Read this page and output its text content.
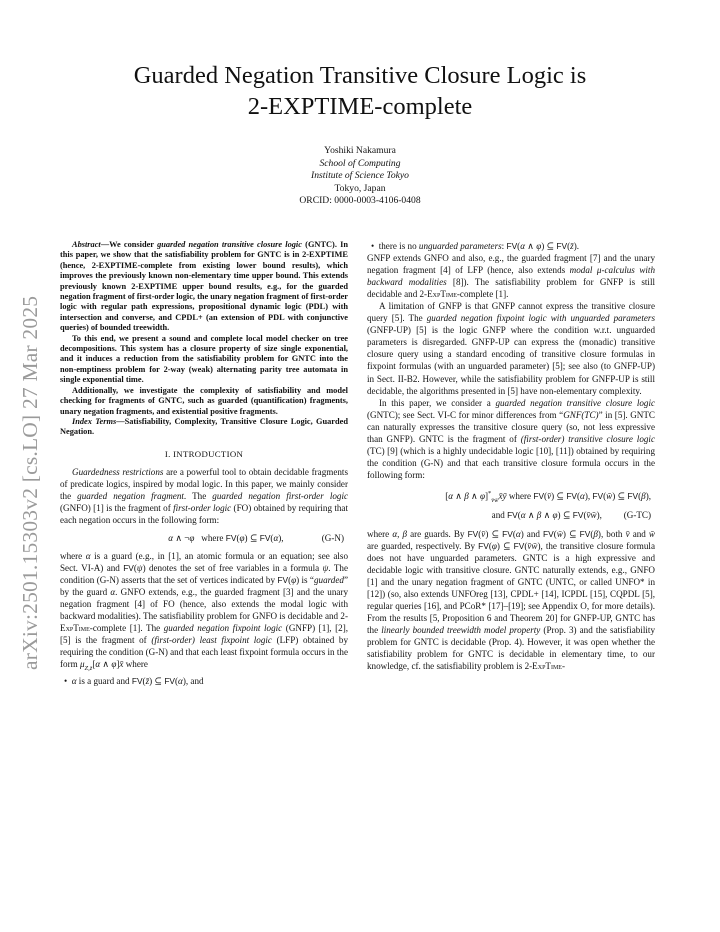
arXiv:2501.15303v2 [cs.LO] 27 Mar 2025
Guarded Negation Transitive Closure Logic is
2-EXPTIME-complete
Yoshiki Nakamura
School of Computing
Institute of Science Tokyo
Tokyo, Japan
ORCID: 0000-0003-4106-0408

Abstract—We consider guarded negation transitive closure logic (GNTC). In this paper, we show that the satisfiability problem for GNTC is in 2-EXPTIME (hence, 2-EXPTIME-complete from existing lower bound results), which improves the previously known non-elementary time upper bound. This extends previously known 2-EXPTIME upper bound results, e.g., for the guarded negation fragment of first-order logic, the unary negation fragment of first-order logic with regular path expressions, propositional dynamic logic (PDL) with intersection and converse, and CPDL+ (an extension of PDL with conjunctive queries) of bounded treewidth.

To this end, we present a sound and complete local model checker on tree decompositions. This system has a closure property of size single exponential, and it induces a reduction from the satisfiability problem for GNTC into the non-emptiness problem for 2-way (weak) alternating parity tree automata in single exponential time.

Additionally, we investigate the complexity of satisfiability and model checking for fragments of GNTC, such as guarded (quantification) fragments, unary negation fragments, and existential positive fragments.

Index Terms—Satisfiability, Complexity, Transitive Closure Logic, Guarded Negation.

I. INTRODUCTION

Guardedness restrictions are a powerful tool to obtain decidable fragments of predicate logics, inspired by modal logic. In this paper, we mainly consider the guarded negation fragment. The guarded negation first-order logic (GNFO) [1] is the fragment of first-order logic (FO) obtained by requiring that each negation occurs in the following form:

α ∧ ¬φ   where FV(φ) ⊆ FV(α),         (G-N)

where α is a guard (e.g., in [1], an atomic formula or an equation; see also Sect. VI-A) and FV(ψ) denotes the set of free variables in a formula ψ. The condition (G-N) asserts that the set of vertices indicated by FV(φ) is “guarded” by the guard α. GNFO extends, e.g., the guarded fragment [3] and the unary negation fragment [4] of FO (hence, also extends the modal logic with backward modalities). The satisfiability problem for GNFO is decidable and 2-ExpTime-complete [1]. The guarded negation fixpoint logic (GNFP) [1], [2], [5] is the fragment of (first-order) least fixpoint logic (LFP) obtained by requiring the condition (G-N) and that each least fixpoint formula occurs in the form $\mu_{Z,z̄}[\alpha$ ∧ φ]x̄ where

•  α is a guard and FV(z̄) ⊆ FV(α), and

•  there is no unguarded parameters: FV(α ∧ φ) ⊆ FV(z̄).

GNFP extends GNFO and also, e.g., the guarded fragment [7] and the unary negation fragment [4] of LFP (hence, also extends modal μ-calculus with backward modalities [8]). The satisfiability problem for GNFP is still decidable and 2-ExpTime-complete [1].

A limitation of GNFP is that GNFP cannot express the transitive closure query [5]. The guarded negation fixpoint logic with unguarded parameters (GNFP-UP) [5] is the logic GNFP where the condition w.r.t. unguarded parameters is disregarded. GNFP-UP can express the (monadic) transitive closure query using a standard encoding of transitive closure formulas in fixpoint formulas (with an unguarded parameter) [5]; see also (to GNFP-UP) in Sect. II-B2. However, while the satisfiability problem for GNFP-UP is still decidable, the algorithms presented in [5] have non-elementary complexity.

In this paper, we consider a guarded negation transitive closure logic (GNTC); see Sect. VI-C for minor differences from “GNF(TC)” in [5]. GNTC can naturally expresses the transitive closure query (so, not less expressive than GNFP). GNTC is the fragment of (first-order) transitive closure logic (TC) [9] (which is a highly undecidable logic [10], [11]) obtained by requiring the condition (G-N) and that each transitive closure formula occurs in the following form:

[α ∧ β ∧ $\varphi]^*_{v̄w̄}x̄ȳ$ where FV(v̄) ⊆ FV(α), FV(w̄) ⊆ FV(β),
and FV(α ∧ β ∧ φ) ⊆ FV(v̄w̄),    (G-TC)

where α, β are guards. By FV(v̄) ⊆ FV(α) and FV(w̄) ⊆ FV(β), both v̄ and w̄ are guarded, respectively. By FV(φ) ⊆ FV(v̄w̄), the transitive closure formula does not have unguarded parameters. GNTC is a high expressive and decidable logic with transitive closure. GNTC naturally extends, e.g., GNFO [1] and the unary negation fragment of GNTC (UNTC, or called UNFO* in [12]) (so, also extends UNFOreg [13], CPDL+ [14], ICPDL [15], CQPDL [5], regular queries [16], and PCoR* [17]–[19]; see Appendix O, for more details). From the results [5, Proposition 6 and Theorem 20] for GNFP-UP, GNTC has the linearly bounded treewidth model property (Prop. 3) and the satisfiability problem for GNTC is decidable (Prop. 4). However, it was open whether the satisfiability problem for GNTC is decidable in elementary time, to our knowledge, cf. the satisfiability problem is 2-ExpTime-
